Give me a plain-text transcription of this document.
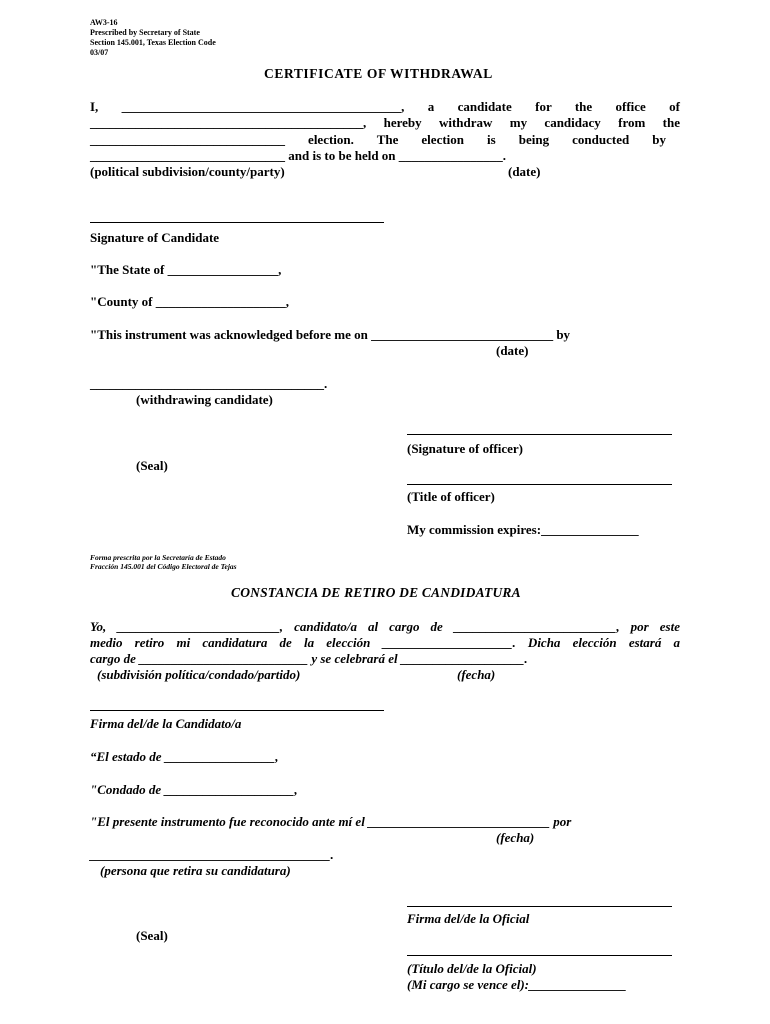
AW3-16
Prescribed by Secretary of State
Section 145.001, Texas Election Code
03/07
CERTIFICATE OF WITHDRAWAL
I, ___________________________________________, a candidate for the office of
__________________________________________, hereby withdraw my candidacy from the
______________________________ election. The election is being conducted by
______________________________ and is to be held on ________________.
(political subdivision/county/party)	(date)
Signature of Candidate
"The State of _________________,
"County of ____________________,
"This instrument was acknowledged before me on ____________________________ by
(date)
____________________________________.
(withdrawing candidate)
(Signature of officer)
(Seal)
(Title of officer)
My commission expires:_______________
Forma prescrita por la Secretaría de Estado
Fracción 145.001 del Código Electoral de Tejas
CONSTANCIA DE RETIRO DE CANDIDATURA
Yo, _________________________, candidato/a al cargo de _________________________, por este
medio retiro mi candidatura de la elección ____________________. Dicha elección estará a
cargo de __________________________ y se celebrará el ___________________.
(subdivisión política/condado/partido)	(fecha)
Firma del/de la Candidato/a
“El estado de _________________,
"Condado de ____________________,
"El presente instrumento fue reconocido ante mí el ____________________________ por
(fecha)
_____________________________________.
(persona que retira su candidatura)
Firma del/de la Oficial
(Seal)
(Título del/de la Oficial)
(Mi cargo se vence el):_______________
